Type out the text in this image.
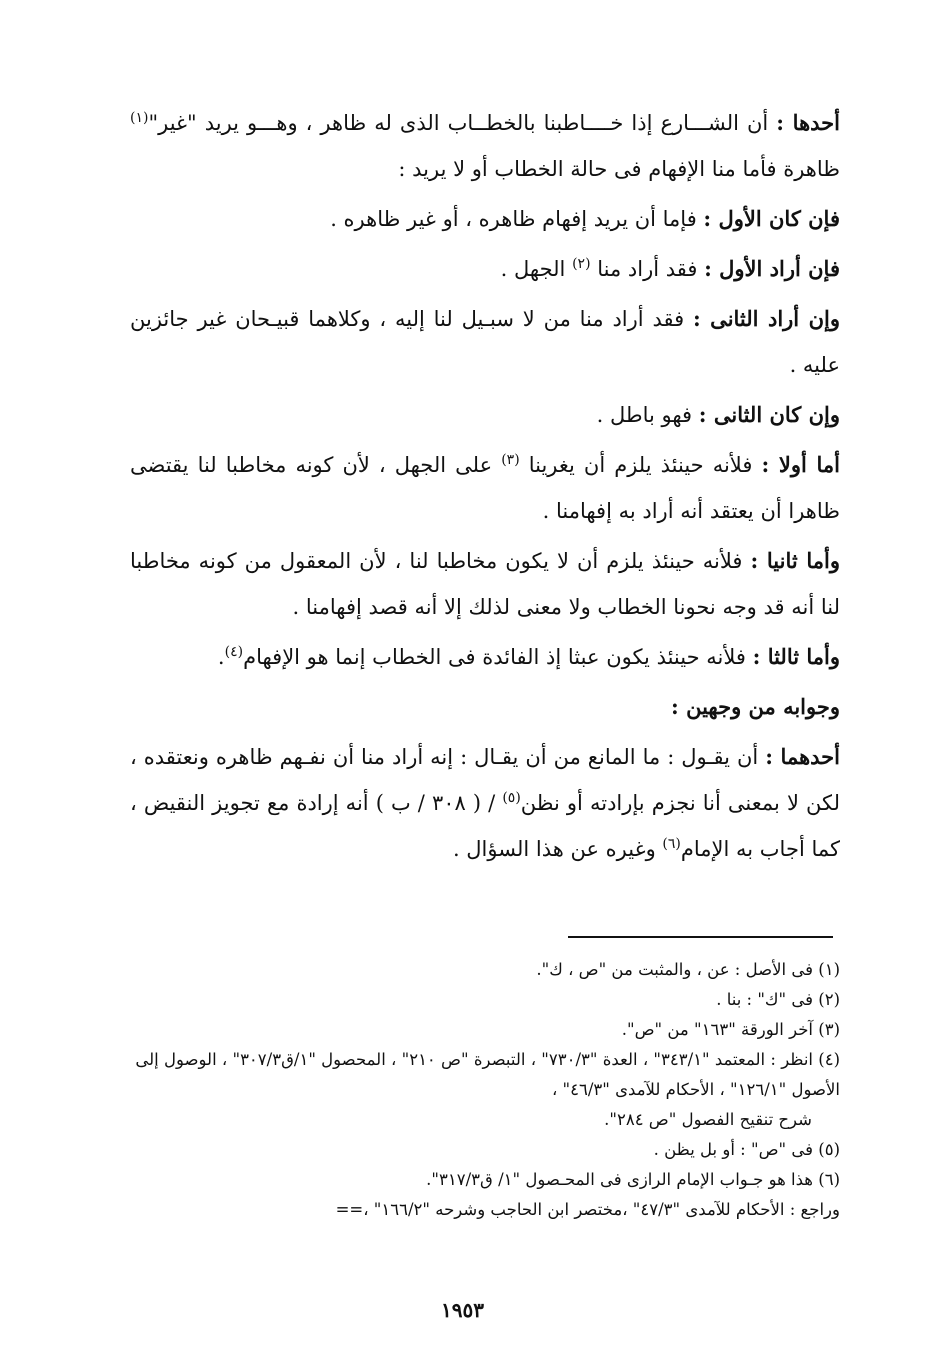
أحدها : أن الشـــارع إذا خــــاطبنا بالخطــاب الذى له ظاهر ، وهـــو يريد "غير"$^{(١)}$ ظاهرة فأما منا الإفهام فى حالة الخطاب أو لا يريد :

فإن كان الأول : فإما أن يريد إفهام ظاهره ، أو غير ظاهره .

فإن أراد الأول : فقد أراد منا $^{(٢)}$ الجهل .

وإن أراد الثانى : فقد أراد منا من لا سبـيل لنا إليه ، وكلاهما قبيـحان غير جائزين عليه .

وإن كان الثانى : فهو باطل .

أما أولا : فلأنه حينئذ يلزم أن يغرينا $^{(٣)}$ على الجهل ، لأن كونه مخاطبا لنا يقتضى ظاهرا أن يعتقد أنه أراد به إفهامنا .

وأما ثانيا : فلأنه حينئذ يلزم أن لا يكون مخاطبا لنا ، لأن المعقول من كونه مخاطبا لنا أنه قد وجه نحونا الخطاب ولا معنى لذلك إلا أنه قصد إفهامنا .

وأما ثالثا : فلأنه حينئذ يكون عبثا إذ الفائدة فى الخطاب إنما هو الإفهام$^{(٤)}$.

وجوابه من وجهين :

أحدهما : أن يقـول : ما المانع من أن يقـال : إنه أراد منا أن نفـهم ظاهره ونعتقده ، لكن لا بمعنى أنا نجزم بإرادته أو نظن$^{(٥)}$ / ( ٣٠٨ / ب ) أنه إرادة مع تجويز النقيض ، كما أجاب به الإمام$^{(٦)}$ وغيره عن هذا السؤال .

(١) فى الأصل : عن ، والمثبت من "ص ، ك".

(٢) فى "ك" : بنا .

(٣) آخر الورقة "١٦٣" من "ص".

(٤) انظر : المعتمد "٣٤٣/١" ، العدة "٧٣٠/٣" ، التبصرة "ص ٢١٠" ، المحصول "١/ق٣٠٧/٣" ، الوصول إلى الأصول "١٢٦/١" ، الأحكام للآمدى "٤٦/٣" ،

شرح تنقيح الفصول "ص ٢٨٤".

(٥) فى "ص" : أو بل يظن .

(٦) هذا هو جـواب الإمام الرازى فى المحـصول "١/ ق٣١٧/٣".

وراجع : الأحكام للآمدى "٤٧/٣" ،مختصر ابن الحاجب وشرحه "١٦٦/٢" ،==

١٩٥٣
